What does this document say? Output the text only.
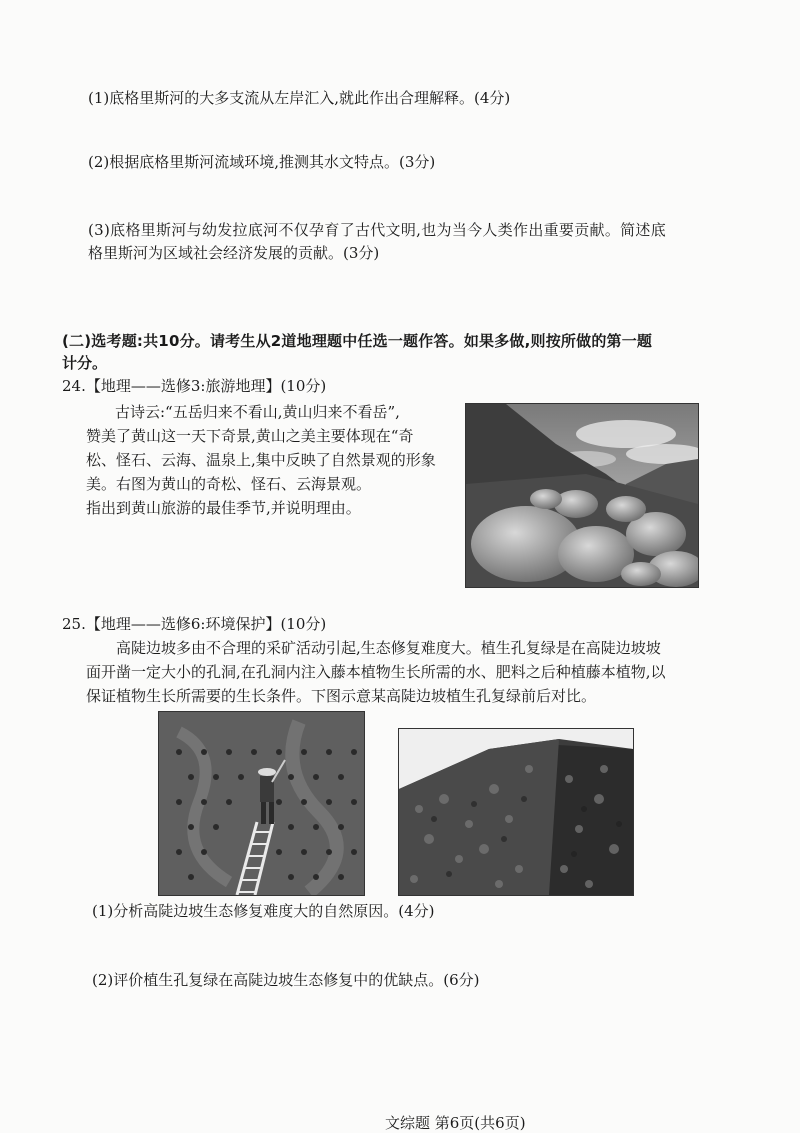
(1)底格里斯河的大多支流从左岸汇入,就此作出合理解释。(4分)
(2)根据底格里斯河流域环境,推测其水文特点。(3分)
(3)底格里斯河与幼发拉底河不仅孕育了古代文明,也为当今人类作出重要贡献。简述底
格里斯河为区域社会经济发展的贡献。(3分)
(二)选考题:共10分。请考生从2道地理题中任选一题作答。如果多做,则按所做的第一题
计分。
24.【地理——选修3:旅游地理】(10分)
古诗云:“五岳归来不看山,黄山归来不看岳”,
赞美了黄山这一天下奇景,黄山之美主要体现在“奇
松、怪石、云海、温泉上,集中反映了自然景观的形象
美。右图为黄山的奇松、怪石、云海景观。
指出到黄山旅游的最佳季节,并说明理由。
25.【地理——选修6:环境保护】(10分)
高陡边坡多由不合理的采矿活动引起,生态修复难度大。植生孔复绿是在高陡边坡坡
面开凿一定大小的孔洞,在孔洞内注入藤本植物生长所需的水、肥料之后种植藤本植物,以
保证植物生长所需要的生长条件。下图示意某高陡边坡植生孔复绿前后对比。
(1)分析高陡边坡生态修复难度大的自然原因。(4分)
(2)评价植生孔复绿在高陡边坡生态修复中的优缺点。(6分)
文综题 第6页(共6页)
